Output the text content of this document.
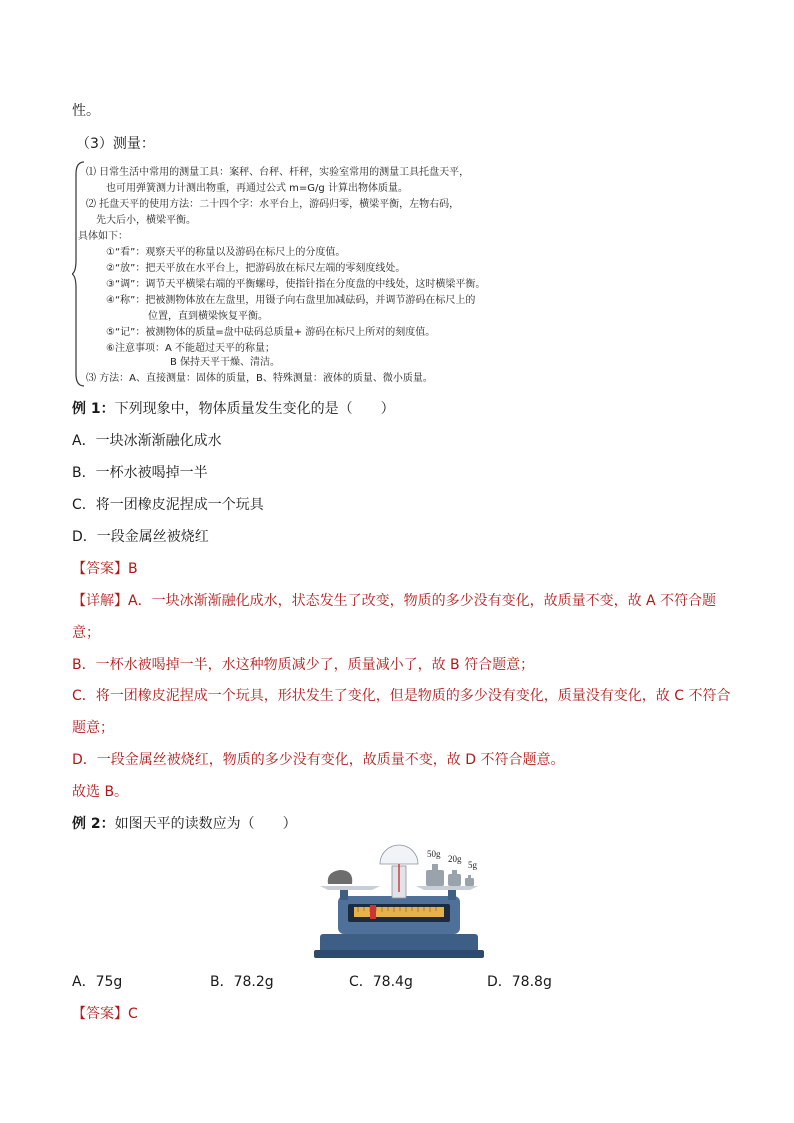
性。
（3）测量：
⑴ 日常生活中常用的测量工具：案秤、台秤、杆秤，实验室常用的测量工具托盘天平，
也可用弹簧测力计测出物重，再通过公式 m=G/g 计算出物体质量。
⑵ 托盘天平的使用方法：二十四个字：水平台上，游码归零，横梁平衡，左物右码，
先大后小，横梁平衡。
具体如下：
①“看”：观察天平的称量以及游码在标尺上的分度值。
②“放”：把天平放在水平台上，把游码放在标尺左端的零刻度线处。
③“调”：调节天平横梁右端的平衡螺母，使指针指在分度盘的中线处，这时横梁平衡。
④“称”：把被测物体放在左盘里，用镊子向右盘里加减砝码，并调节游码在标尺上的
位置，直到横梁恢复平衡。
⑤“记”：被测物体的质量=盘中砝码总质量+ 游码在标尺上所对的刻度值。
⑥注意事项：A 不能超过天平的称量；
B 保持天平干燥、清洁。
⑶ 方法：A、直接测量：固体的质量，B、特殊测量：液体的质量、微小质量。
例 1：下列现象中，物体质量发生变化的是（　　）
A．一块冰渐渐融化成水
B．一杯水被喝掉一半
C．将一团橡皮泥捏成一个玩具
D．一段金属丝被烧红
【答案】B
【详解】A．一块冰渐渐融化成水，状态发生了改变，物质的多少没有变化，故质量不变，故 A 不符合题
意；
B．一杯水被喝掉一半，水这种物质减少了，质量减小了，故 B 符合题意；
C．将一团橡皮泥捏成一个玩具，形状发生了变化，但是物质的多少没有变化，质量没有变化，故 C 不符合
题意；
D．一段金属丝被烧红，物质的多少没有变化，故质量不变，故 D 不符合题意。
故选 B。
例 2：如图天平的读数应为（　　）
50g 20g
5g
A．75g	B．78.2g	C．78.4g	D．78.8g
【答案】C
